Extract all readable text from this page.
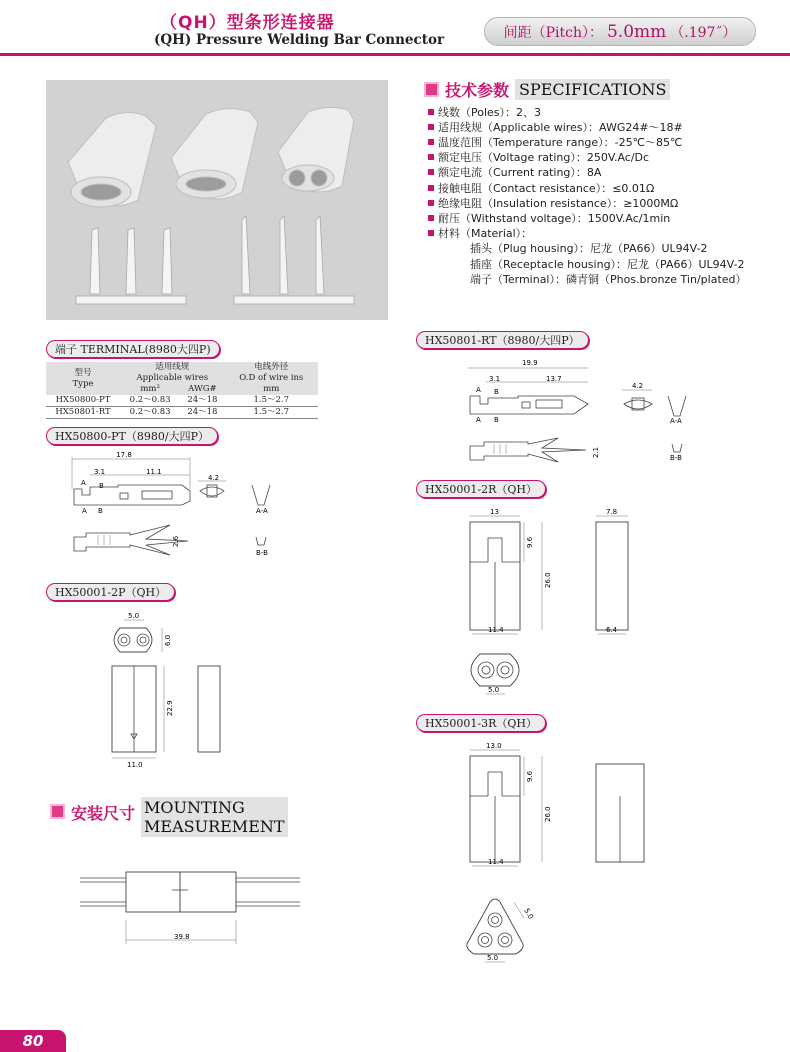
（QH）型条形连接器
(QH) Pressure Welding Bar Connector	间距（Pitch）： 5.0mm （.197˝）
技术参数 SPECIFICATIONS
线数（Poles）：2、3
适用线规（Applicable wires）：AWG24#～18#
温度范围（Temperature range）：-25℃～85℃
额定电压（Voltage rating）：250V.Ac/Dc
额定电流（Current rating）：8A
接触电阻（Contact resistance）：≤0.01Ω
绝缘电阻（Insulation resistance）：≥1000MΩ
耐压（Withstand voltage）：1500V.Ac/1min
材料（Material）：
插头（Plug housing）：尼龙（PA66）UL94V-2
插座（Receptacle housing）：尼龙（PA66）UL94V-2
端子（Terminal）：磷青铜（Phos.bronze Tin/plated）
端子 TERMINAL(8980大四P)
型号
Type	适用线规
Applicable wires		电线外径
O.D of wire ins
	mm²	AWG#	mm
HX50800-PT	0.2～0.83	24～18	1.5～2.7
HX50801-RT	0.2～0.83	24～18	1.5～2.7
HX50800-PT（8980/大四P）
17.8
3.1	11.1
A B
A B
2.6
4.2
A-A
B-B
HX50001-2P（QH）
5.0
6.0
22.9
11.0
HX50801-RT（8980/大四P）
19.9
3.1	13.7
A B
A B
2.1
4.2
A-A
B-B
HX50001-2R（QH）
13
9.6
26.0
11.4
7.8
6.4
5.0
HX50001-3R（QH）
13.0
9.6
26.0
11.4
5.0
5.0
安装尺寸 MOUNTING
MEASUREMENT
39.8
80
